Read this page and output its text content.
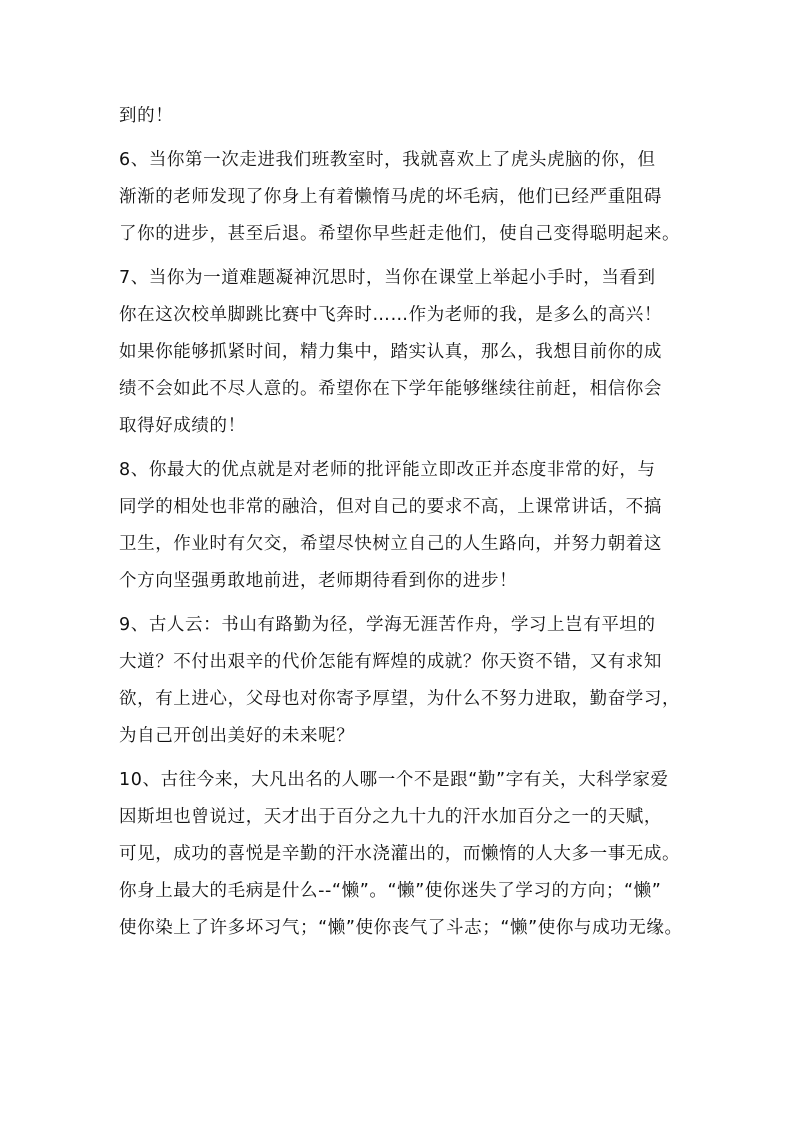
到的！
6、当你第一次走进我们班教室时，我就喜欢上了虎头虎脑的你，但
渐渐的老师发现了你身上有着懒惰马虎的坏毛病，他们已经严重阻碍
了你的进步，甚至后退。希望你早些赶走他们，使自己变得聪明起来。
7、当你为一道难题凝神沉思时，当你在课堂上举起小手时，当看到
你在这次校单脚跳比赛中飞奔时……作为老师的我，是多么的高兴！
如果你能够抓紧时间，精力集中，踏实认真，那么，我想目前你的成
绩不会如此不尽人意的。希望你在下学年能够继续往前赶，相信你会
取得好成绩的！
8、你最大的优点就是对老师的批评能立即改正并态度非常的好，与
同学的相处也非常的融洽，但对自己的要求不高，上课常讲话，不搞
卫生，作业时有欠交，希望尽快树立自己的人生路向，并努力朝着这
个方向坚强勇敢地前进，老师期待看到你的进步！
9、古人云：书山有路勤为径，学海无涯苦作舟，学习上岂有平坦的
大道？不付出艰辛的代价怎能有辉煌的成就？你天资不错，又有求知
欲，有上进心，父母也对你寄予厚望，为什么不努力进取，勤奋学习，
为自己开创出美好的未来呢？
10、古往今来，大凡出名的人哪一个不是跟“勤”字有关，大科学家爱
因斯坦也曾说过，天才出于百分之九十九的汗水加百分之一的天赋，
可见，成功的喜悦是辛勤的汗水浇灌出的，而懒惰的人大多一事无成。
你身上最大的毛病是什么--“懒”。“懒”使你迷失了学习的方向；“懒”
使你染上了许多坏习气；“懒”使你丧气了斗志；“懒”使你与成功无缘。
